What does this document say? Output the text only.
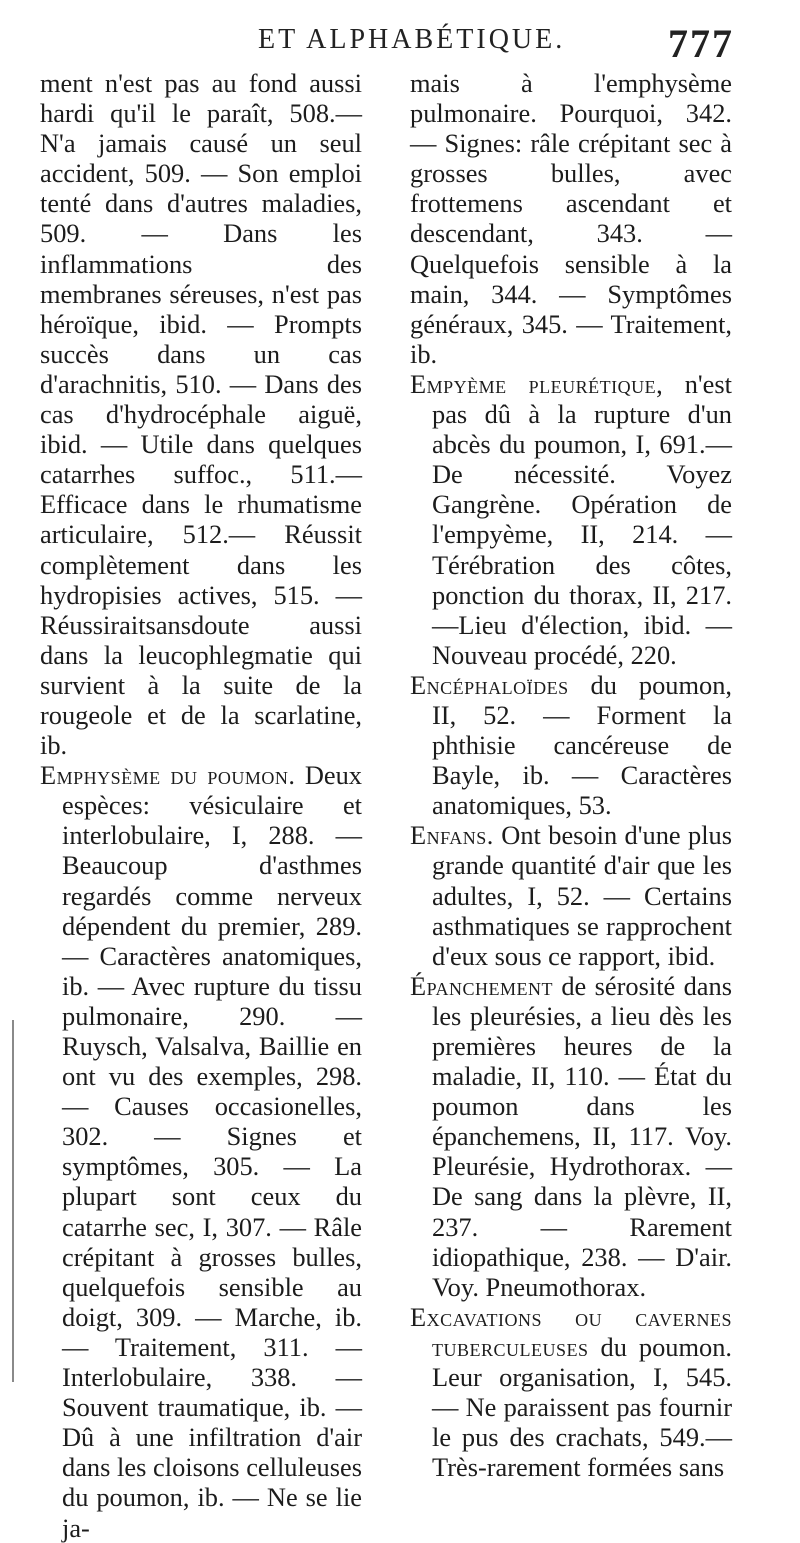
ET ALPHABÉTIQUE.	777

ment n'est pas au fond aussi hardi qu'il le paraît, 508.— N'a jamais causé un seul accident, 509. — Son emploi tenté dans d'autres maladies, 509. — Dans les inflammations des membranes séreuses, n'est pas héroïque, ibid. — Prompts succès dans un cas d'arachnitis, 510. — Dans des cas d'hydrocéphale aiguë, ibid. — Utile dans quelques catarrhes suffoc., 511.— Efficace dans le rhumatisme articulaire, 512.— Réussit complètement dans les hydropisies actives, 515. —Réussiraitsansdoute aussi dans la leucophlegmatie qui survient à la suite de la rougeole et de la scarlatine, ib.

Emphysème du poumon. Deux espèces: vésiculaire et interlobulaire, I, 288. — Beaucoup d'asthmes regardés comme nerveux dépendent du premier, 289. — Caractères anatomiques, ib. — Avec rupture du tissu pulmonaire, 290. — Ruysch, Valsalva, Baillie en ont vu des exemples, 298. — Causes occasionelles, 302. — Signes et symptômes, 305. — La plupart sont ceux du catarrhe sec, I, 307. — Râle crépitant à grosses bulles, quelquefois sensible au doigt, 309. — Marche, ib. — Traitement, 311. — Interlobulaire, 338. — Souvent traumatique, ib. — Dû à une infiltration d'air dans les cloisons celluleuses du poumon, ib. — Ne se lie ja-

mais à l'emphysème pulmonaire. Pourquoi, 342. — Signes: râle crépitant sec à grosses bulles, avec frottemens ascendant et descendant, 343. — Quelquefois sensible à la main, 344. — Symptômes généraux, 345. — Traitement, ib.

Empyème pleurétique, n'est pas dû à la rupture d'un abcès du poumon, I, 691.—De nécessité. Voyez Gangrène. Opération de l'empyème, II, 214. — Térébration des côtes, ponction du thorax, II, 217.—Lieu d'élection, ibid. — Nouveau procédé, 220.

Encéphaloïdes du poumon, II, 52. — Forment la phthisie cancéreuse de Bayle, ib. — Caractères anatomiques, 53.

Enfans. Ont besoin d'une plus grande quantité d'air que les adultes, I, 52. — Certains asthmatiques se rapprochent d'eux sous ce rapport, ibid.

Épanchement de sérosité dans les pleurésies, a lieu dès les premières heures de la maladie, II, 110. — État du poumon dans les épanchemens, II, 117. Voy. Pleurésie, Hydrothorax. — De sang dans la plèvre, II, 237. — Rarement idiopathique, 238. — D'air. Voy. Pneumothorax.

Excavations ou cavernes tuberculeuses du poumon. Leur organisation, I, 545. — Ne paraissent pas fournir le pus des crachats, 549.— Très-rarement formées sans
